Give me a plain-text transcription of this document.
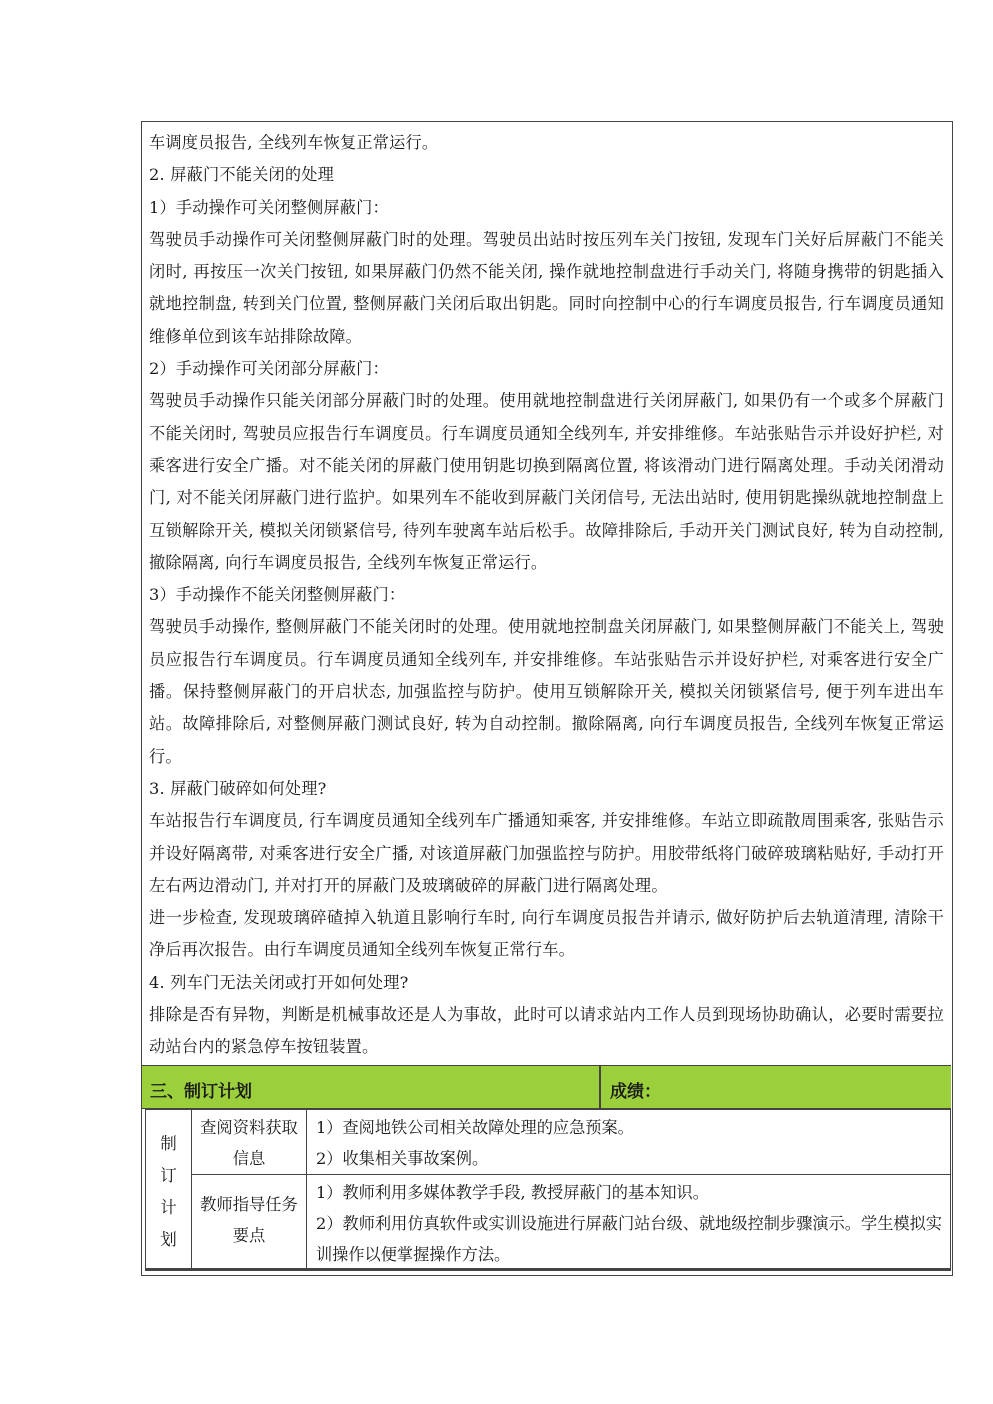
车调度员报告, 全线列车恢复正常运行。

2. 屏蔽门不能关闭的处理

1）手动操作可关闭整侧屏蔽门：

驾驶员手动操作可关闭整侧屏蔽门时的处理。驾驶员出站时按压列车关门按钮, 发现车门关好后屏蔽门不能关闭时, 再按压一次关门按钮, 如果屏蔽门仍然不能关闭, 操作就地控制盘进行手动关门, 将随身携带的钥匙插入就地控制盘, 转到关门位置, 整侧屏蔽门关闭后取出钥匙。同时向控制中心的行车调度员报告, 行车调度员通知维修单位到该车站排除故障。

2）手动操作可关闭部分屏蔽门：

驾驶员手动操作只能关闭部分屏蔽门时的处理。使用就地控制盘进行关闭屏蔽门, 如果仍有一个或多个屏蔽门不能关闭时, 驾驶员应报告行车调度员。行车调度员通知全线列车, 并安排维修。车站张贴告示并设好护栏, 对乘客进行安全广播。对不能关闭的屏蔽门使用钥匙切换到隔离位置, 将该滑动门进行隔离处理。手动关闭滑动门, 对不能关闭屏蔽门进行监护。如果列车不能收到屏蔽门关闭信号, 无法出站时, 使用钥匙操纵就地控制盘上互锁解除开关, 模拟关闭锁紧信号, 待列车驶离车站后松手。故障排除后, 手动开关门测试良好, 转为自动控制, 撤除隔离, 向行车调度员报告, 全线列车恢复正常运行。

3）手动操作不能关闭整侧屏蔽门：

驾驶员手动操作, 整侧屏蔽门不能关闭时的处理。使用就地控制盘关闭屏蔽门, 如果整侧屏蔽门不能关上, 驾驶员应报告行车调度员。行车调度员通知全线列车, 并安排维修。车站张贴告示并设好护栏, 对乘客进行安全广播。保持整侧屏蔽门的开启状态, 加强监控与防护。使用互锁解除开关, 模拟关闭锁紧信号, 便于列车进出车站。故障排除后, 对整侧屏蔽门测试良好, 转为自动控制。撤除隔离, 向行车调度员报告, 全线列车恢复正常运行。

3. 屏蔽门破碎如何处理?

车站报告行车调度员, 行车调度员通知全线列车广播通知乘客, 并安排维修。车站立即疏散周围乘客, 张贴告示并设好隔离带, 对乘客进行安全广播, 对该道屏蔽门加强监控与防护。用胶带纸将门破碎玻璃粘贴好, 手动打开左右两边滑动门, 并对打开的屏蔽门及玻璃破碎的屏蔽门进行隔离处理。

进一步检查, 发现玻璃碎碴掉入轨道且影响行车时, 向行车调度员报告并请示, 做好防护后去轨道清理, 清除干净后再次报告。由行车调度员通知全线列车恢复正常行车。

4. 列车门无法关闭或打开如何处理?

排除是否有异物，判断是机械事故还是人为事故，此时可以请求站内工作人员到现场协助确认，必要时需要拉动站台内的紧急停车按钮装置。

三、制订计划	成绩：
制
订
计
划
查阅资料获取信息

1）查阅地铁公司相关故障处理的应急预案。

2）收集相关事故案例。

教师指导任务要点

1）教师利用多媒体教学手段, 教授屏蔽门的基本知识。

2）教师利用仿真软件或实训设施进行屏蔽门站台级、就地级控制步骤演示。学生模拟实训操作以便掌握操作方法。
